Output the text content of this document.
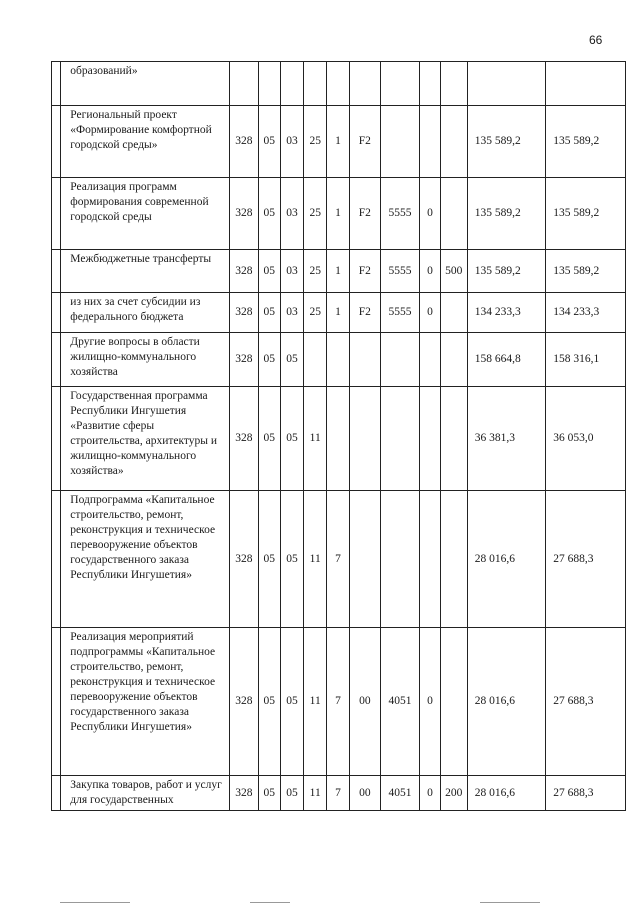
66
	образований»											
	Региональный проект «Формирование комфортной городской среды»	328	05	03	25	1	F2				135 589,2	135 589,2
	Реализация программ формирования современной городской среды	328	05	03	25	1	F2	5555	0		135 589,2	135 589,2
	Межбюджетные трансферты	328	05	03	25	1	F2	5555	0	500	135 589,2	135 589,2
	из них за счет субсидии из федерального бюджета	328	05	03	25	1	F2	5555	0		134 233,3	134 233,3
	Другие вопросы в области жилищно-коммунального хозяйства	328	05	05							158 664,8	158 316,1
	Государственная программа Республики Ингушетия «Развитие сферы строительства, архитектуры и жилищно-коммунального хозяйства»	328	05	05	11						36 381,3	36 053,0
	Подпрограмма «Капитальное строительство, ремонт, реконструкция и техническое перевооружение объектов государственного заказа Республики Ингушетия»	328	05	05	11	7					28 016,6	27 688,3
	Реализация мероприятий подпрограммы «Капитальное строительство, ремонт, реконструкция и техническое перевооружение объектов государственного заказа Республики Ингушетия»	328	05	05	11	7	00	4051	0		28 016,6	27 688,3
	Закупка товаров, работ и услуг для государственных	328	05	05	11	7	00	4051	0	200	28 016,6	27 688,3
